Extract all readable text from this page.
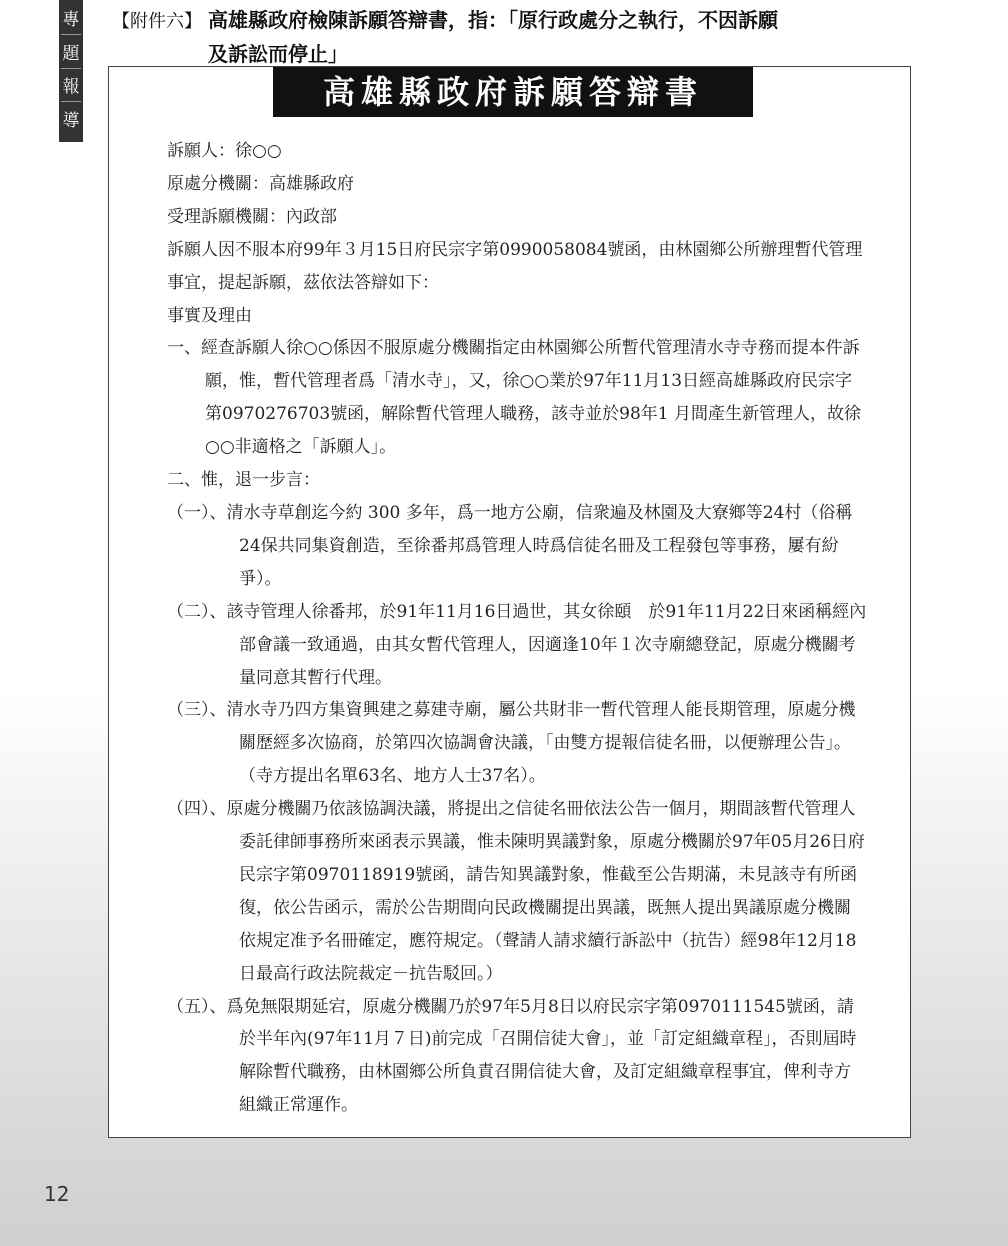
專
題
報
導
【附件六】 高雄縣政府檢陳訴願答辯書，指：「原行政處分之執行，不因訴願
及訴訟而停止」
高雄縣政府訴願答辯書

訴願人：徐○○

原處分機關：高雄縣政府

受理訴願機關：內政部

訴願人因不服本府99年３月15日府民宗字第0990058084號函，由林園鄉公所辦理暫代管理事宜，提起訴願，茲依法答辯如下：

事實及理由

一、經查訴願人徐○○係因不服原處分機關指定由林園鄉公所暫代管理清水寺寺務而提本件訴願，惟，暫代管理者爲「清水寺」，又，徐○○業於97年11月13日經高雄縣政府民宗字第0970276703號函，解除暫代管理人職務，該寺並於98年1 月間產生新管理人，故徐○○非適格之「訴願人」。

二、惟，退一步言：

（一）、清水寺草創迄今約 300 多年，爲一地方公廟，信衆遍及林園及大寮鄉等24村（俗稱24保共同集資創造，至徐番邦爲管理人時爲信徒名冊及工程發包等事務，屢有紛爭）。

（二）、該寺管理人徐番邦，於91年11月16日過世，其女徐頤　於91年11月22日來函稱經內部會議一致通過，由其女暫代管理人，因適逢10年１次寺廟總登記，原處分機關考量同意其暫行代理。

（三）、清水寺乃四方集資興建之募建寺廟，屬公共財非一暫代管理人能長期管理，原處分機關歷經多次協商，於第四次協調會決議，「由雙方提報信徒名冊，以便辦理公告」。（寺方提出名單63名、地方人士37名）。

（四）、原處分機關乃依該協調決議，將提出之信徒名冊依法公告一個月，期間該暫代管理人委託律師事務所來函表示異議，惟未陳明異議對象，原處分機關於97年05月26日府民宗字第0970118919號函，請告知異議對象，惟截至公告期滿，未見該寺有所函復，依公告函示，需於公告期間向民政機關提出異議，既無人提出異議原處分機關依規定准予名冊確定，應符規定。（聲請人請求續行訴訟中（抗告）經98年12月18日最高行政法院裁定－抗告駁回。）

（五）、爲免無限期延宕，原處分機關乃於97年5月8日以府民宗字第0970111545號函，請於半年內(97年11月７日)前完成「召開信徒大會」，並「訂定組織章程」，否則屆時解除暫代職務，由林園鄉公所負責召開信徒大會，及訂定組織章程事宜，俾利寺方組織正常運作。

12
